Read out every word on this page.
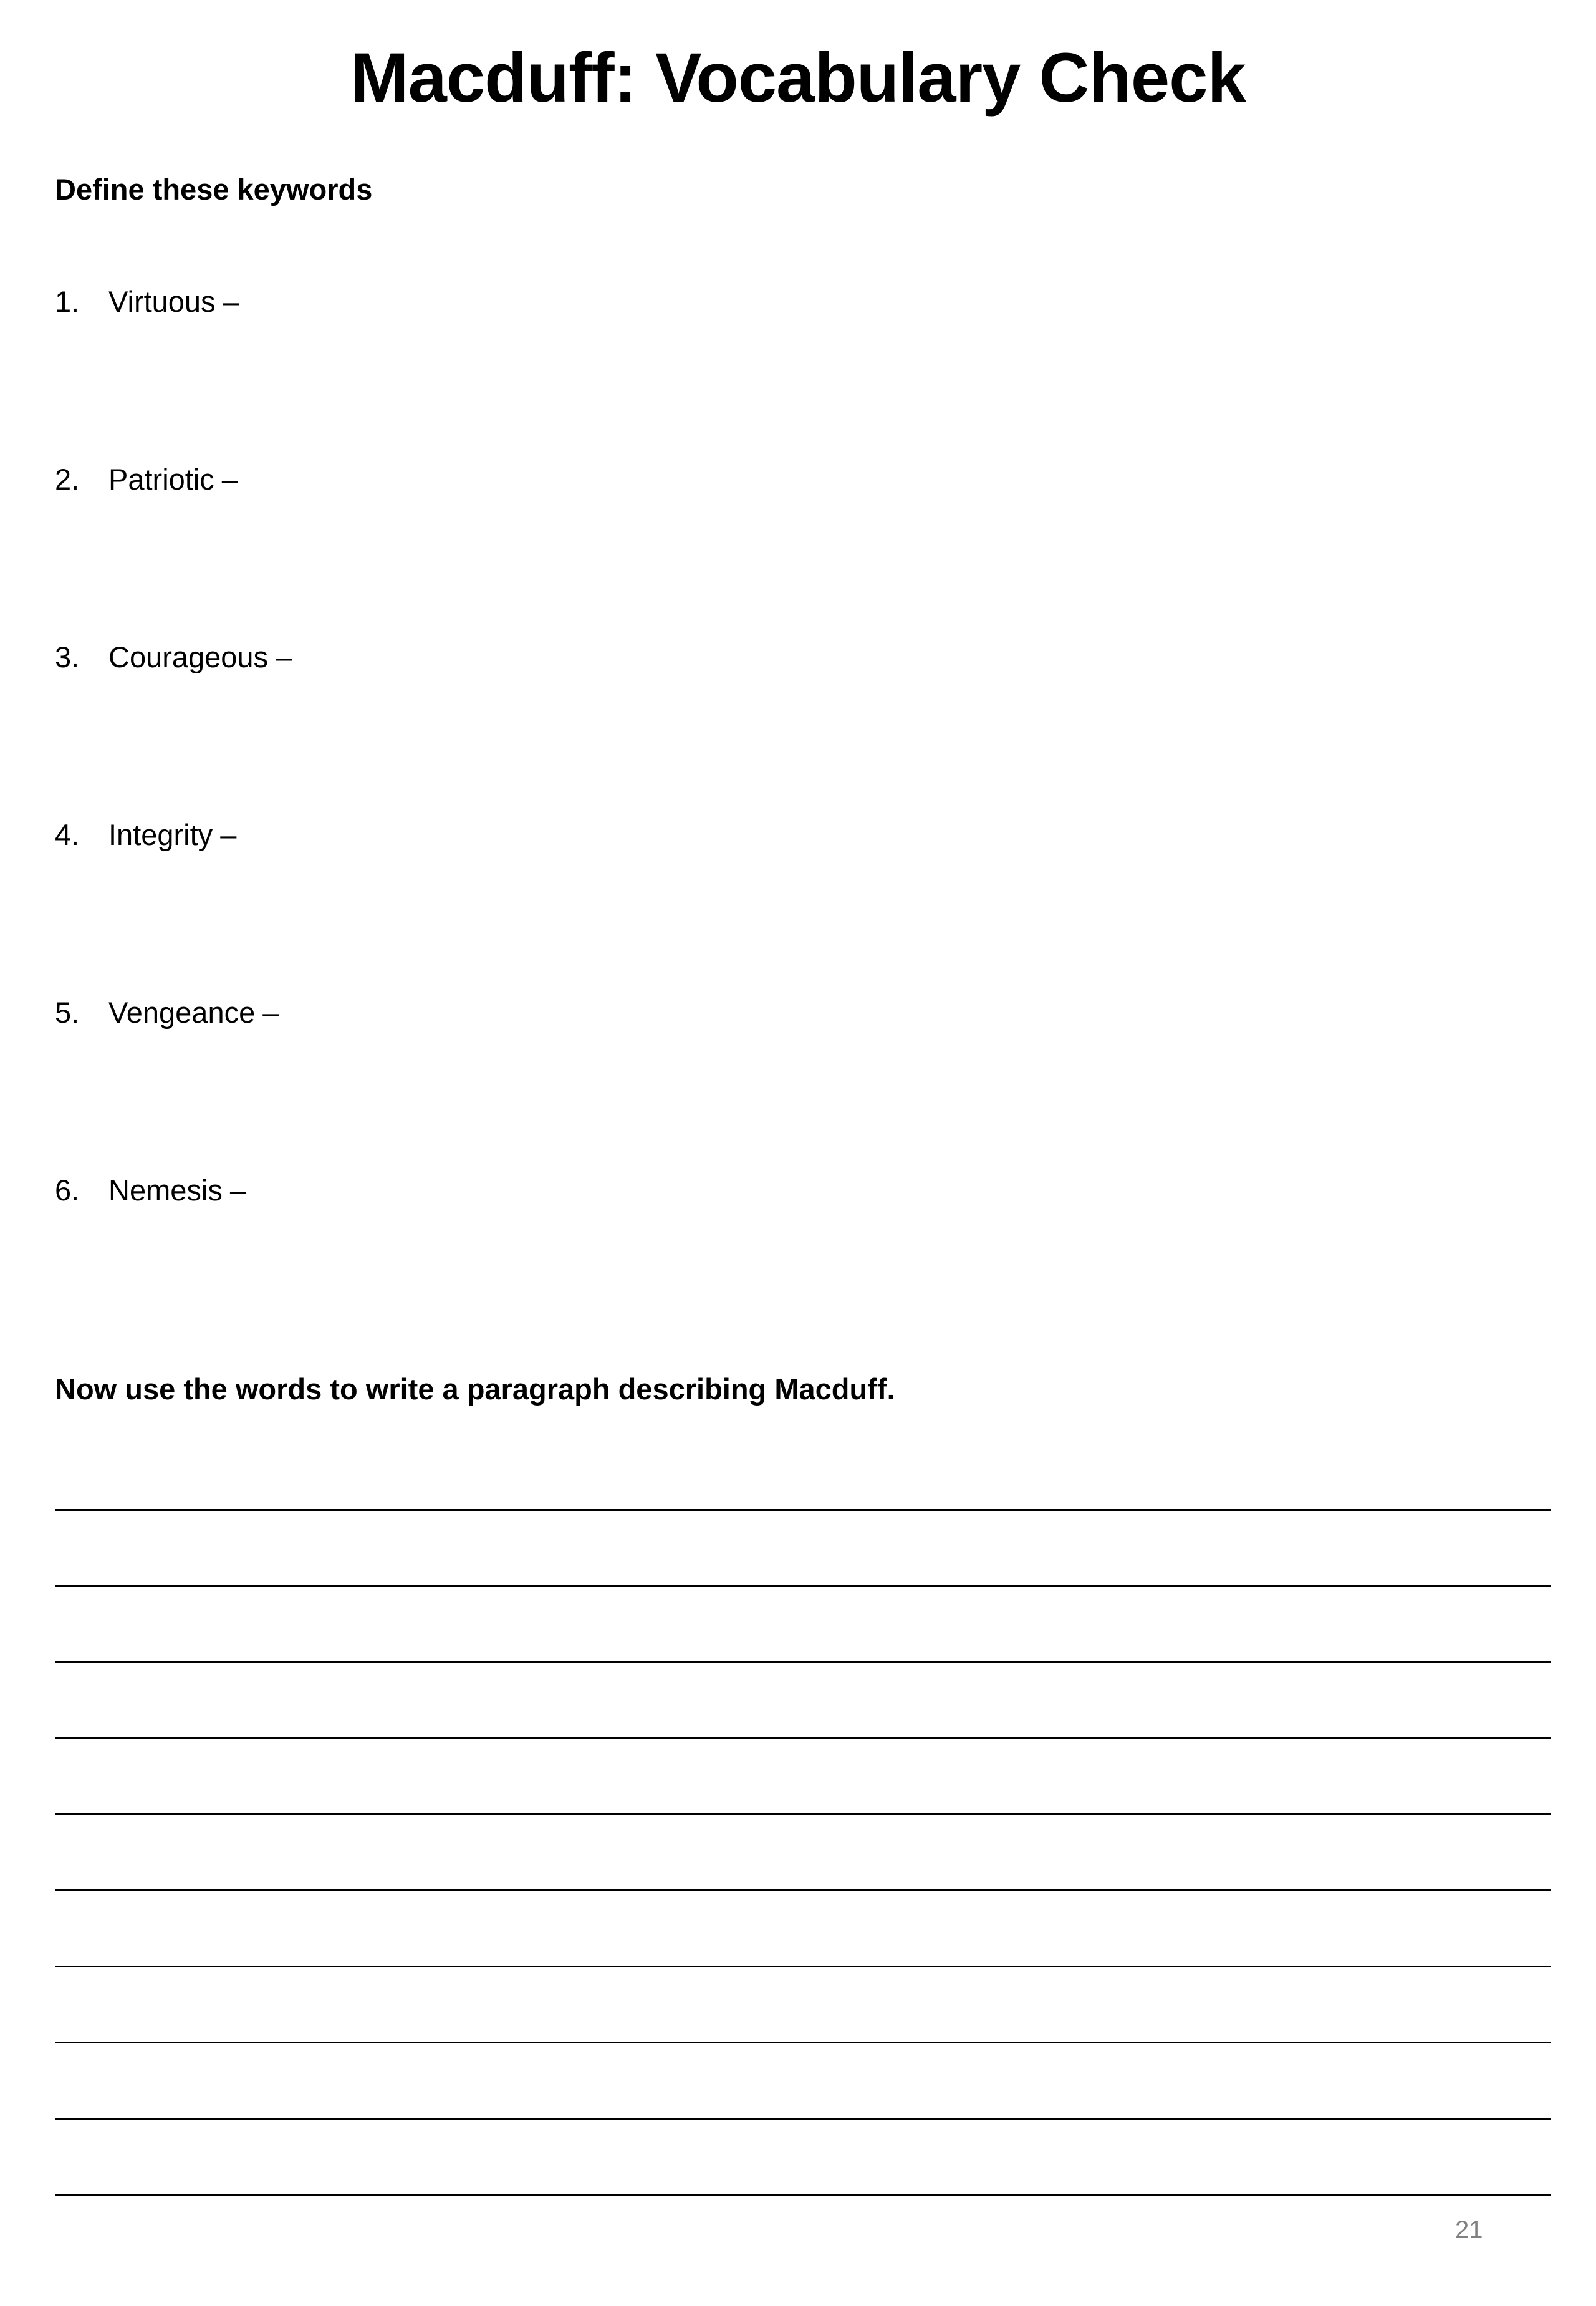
Macduff: Vocabulary Check
Define these keywords
1. Virtuous –
2. Patriotic –
3. Courageous –
4. Integrity –
5. Vengeance –
6. Nemesis –
Now use the words to write a paragraph describing Macduff.
21
